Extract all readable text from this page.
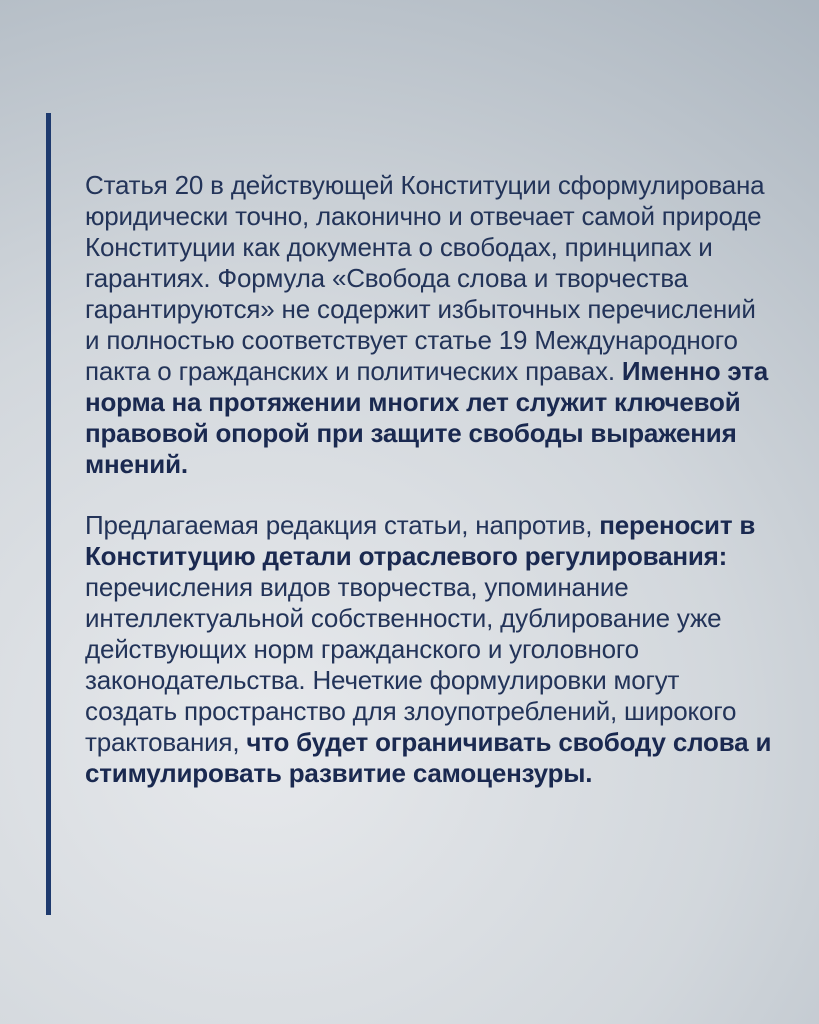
Статья 20 в действующей Конституции сформулирована юридически точно, лаконично и отвечает самой природе Конституции как документа о свободах, принципах и гарантиях. Формула «Свобода слова и творчества гарантируются» не содержит избыточных перечислений и полностью соответствует статье 19 Международного пакта о гражданских и политических правах. Именно эта норма на протяжении многих лет служит ключевой правовой опорой при защите свободы выражения мнений.

Предлагаемая редакция статьи, напротив, переносит в Конституцию детали отраслевого регулирования: перечисления видов творчества, упоминание интеллектуальной собственности, дублирование уже действующих норм гражданского и уголовного законодательства. Нечеткие формулировки могут создать пространство для злоупотреблений, широкого трактования, что будет ограничивать свободу слова и стимулировать развитие самоцензуры.
